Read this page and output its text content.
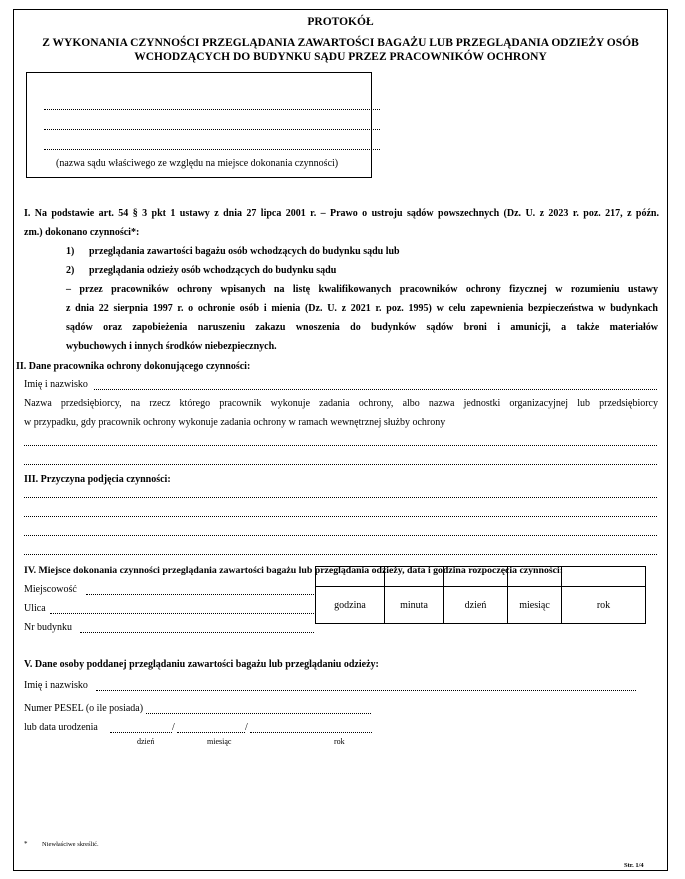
PROTOKÓŁ
Z WYKONANIA CZYNNOŚCI PRZEGLĄDANIA ZAWARTOŚCI BAGAŻU LUB PRZEGLĄDANIA ODZIEŻY OSÓB
WCHODZĄCYCH DO BUDYNKU SĄDU PRZEZ PRACOWNIKÓW OCHRONY
(nazwa sądu właściwego ze względu na miejsce dokonania czynności)
I. Na podstawie art. 54 § 3 pkt 1 ustawy z dnia 27 lipca 2001 r. – Prawo o ustroju sądów powszechnych (Dz. U. z 2023 r. poz. 217, z późn.
zm.) dokonano czynności*:
1) przeglądania zawartości bagażu osób wchodzących do budynku sądu lub
2) przeglądania odzieży osób wchodzących do budynku sądu
– przez pracowników ochrony wpisanych na listę kwalifikowanych pracowników ochrony fizycznej w rozumieniu ustawy
z dnia 22 sierpnia 1997 r. o ochronie osób i mienia (Dz. U. z 2021 r. poz. 1995) w celu zapewnienia bezpieczeństwa w budynkach
sądów oraz zapobieżenia naruszeniu zakazu wnoszenia do budynków sądów broni i amunicji, a także materiałów
wybuchowych i innych środków niebezpiecznych.
II. Dane pracownika ochrony dokonującego czynności:
Imię i nazwisko
Nazwa przedsiębiorcy, na rzecz którego pracownik wykonuje zadania ochrony, albo nazwa jednostki organizacyjnej lub przedsiębiorcy
w przypadku, gdy pracownik ochrony wykonuje zadania ochrony w ramach wewnętrznej służby ochrony
III. Przyczyna podjęcia czynności:
IV. Miejsce dokonania czynności przeglądania zawartości bagażu lub przeglądania odzieży, data i godzina rozpoczęcia czynności:
Miejscowość
Ulica
Nr budynku

godzina	minuta	dzień	miesiąc	rok
V. Dane osoby poddanej przeglądaniu zawartości bagażu lub przeglądaniu odzieży:
Imię i nazwisko
Numer PESEL (o ile posiada)
lub data urodzenia	/	/
dzień	miesiąc	rok
* Niewłaściwe skreślić.
Str. 1/4
